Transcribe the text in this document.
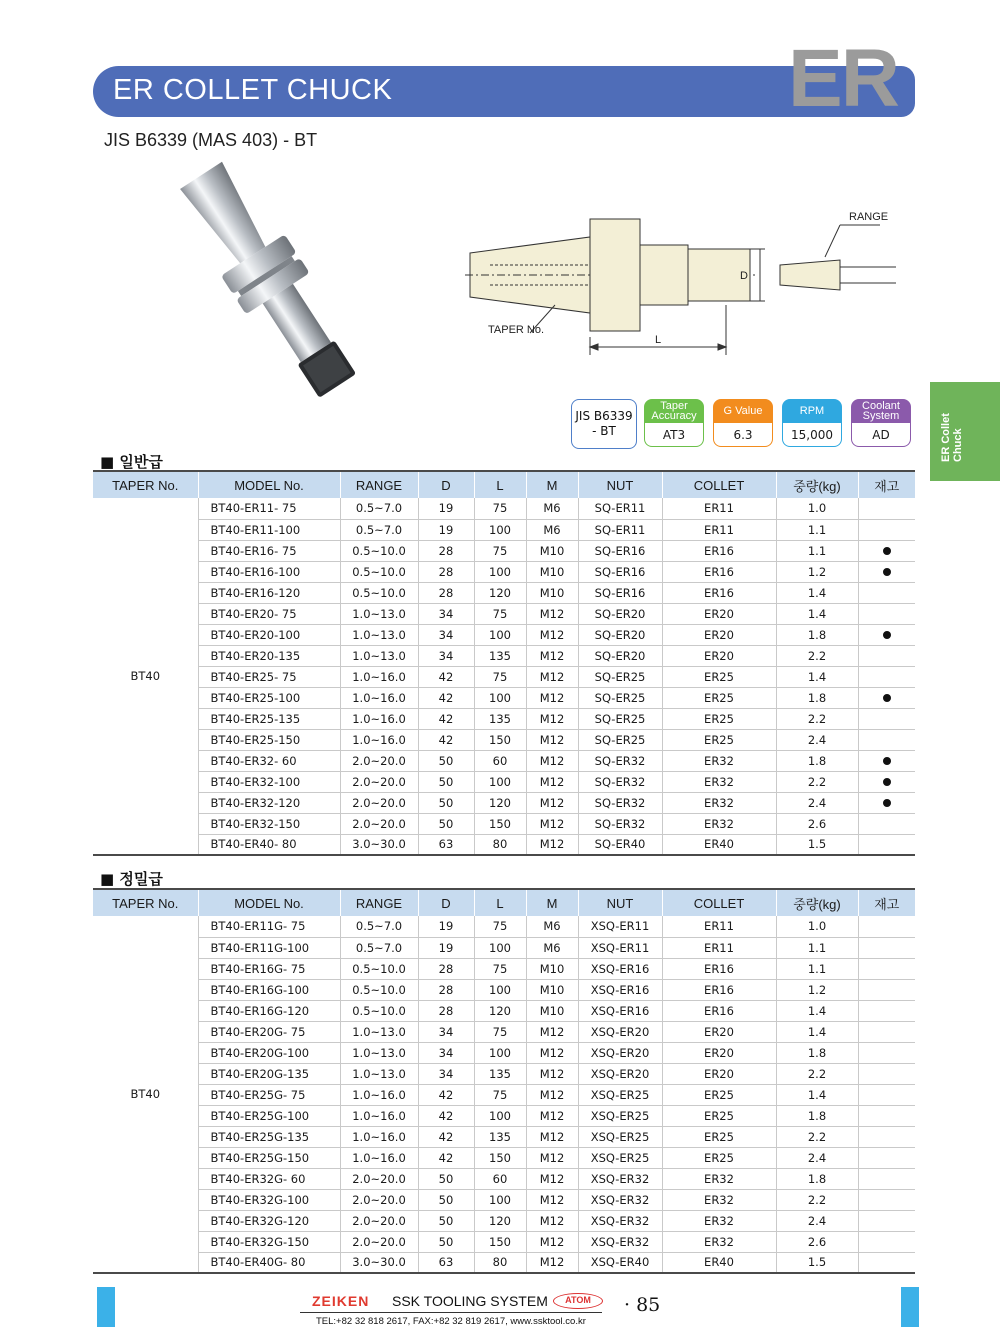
ER COLLET CHUCK	ER
JIS B6339 (MAS 403) - BT
ER Collet Chuck
RANGE
TAPER No.
L
D
JIS B6339
- BT
Taper Accuracy
AT3
G Value
6.3
RPM
15,000
Coolant System
AD
■ 일반급
■ 정밀급
TAPER No.	MODEL No.	RANGE	D	L	M	NUT	COLLET	중량(kg)	재고
BT40	BT40-ER11- 75	0.5~7.0	19	75	M6	SQ-ER11	ER11	1.0	
	BT40-ER11-100	0.5~7.0	19	100	M6	SQ-ER11	ER11	1.1	
	BT40-ER16- 75	0.5~10.0	28	75	M10	SQ-ER16	ER16	1.1	
	BT40-ER16-100	0.5~10.0	28	100	M10	SQ-ER16	ER16	1.2	
	BT40-ER16-120	0.5~10.0	28	120	M10	SQ-ER16	ER16	1.4	
	BT40-ER20- 75	1.0~13.0	34	75	M12	SQ-ER20	ER20	1.4	
	BT40-ER20-100	1.0~13.0	34	100	M12	SQ-ER20	ER20	1.8	
	BT40-ER20-135	1.0~13.0	34	135	M12	SQ-ER20	ER20	2.2	
	BT40-ER25- 75	1.0~16.0	42	75	M12	SQ-ER25	ER25	1.4	
	BT40-ER25-100	1.0~16.0	42	100	M12	SQ-ER25	ER25	1.8	
	BT40-ER25-135	1.0~16.0	42	135	M12	SQ-ER25	ER25	2.2	
	BT40-ER25-150	1.0~16.0	42	150	M12	SQ-ER25	ER25	2.4	
	BT40-ER32- 60	2.0~20.0	50	60	M12	SQ-ER32	ER32	1.8	
	BT40-ER32-100	2.0~20.0	50	100	M12	SQ-ER32	ER32	2.2	
	BT40-ER32-120	2.0~20.0	50	120	M12	SQ-ER32	ER32	2.4	
	BT40-ER32-150	2.0~20.0	50	150	M12	SQ-ER32	ER32	2.6	
	BT40-ER40- 80	3.0~30.0	63	80	M12	SQ-ER40	ER40	1.5	
TAPER No.	MODEL No.	RANGE	D	L	M	NUT	COLLET	중량(kg)	재고
BT40	BT40-ER11G- 75	0.5~7.0	19	75	M6	XSQ-ER11	ER11	1.0	
	BT40-ER11G-100	0.5~7.0	19	100	M6	XSQ-ER11	ER11	1.1	
	BT40-ER16G- 75	0.5~10.0	28	75	M10	XSQ-ER16	ER16	1.1	
	BT40-ER16G-100	0.5~10.0	28	100	M10	XSQ-ER16	ER16	1.2	
	BT40-ER16G-120	0.5~10.0	28	120	M10	XSQ-ER16	ER16	1.4	
	BT40-ER20G- 75	1.0~13.0	34	75	M12	XSQ-ER20	ER20	1.4	
	BT40-ER20G-100	1.0~13.0	34	100	M12	XSQ-ER20	ER20	1.8	
	BT40-ER20G-135	1.0~13.0	34	135	M12	XSQ-ER20	ER20	2.2	
	BT40-ER25G- 75	1.0~16.0	42	75	M12	XSQ-ER25	ER25	1.4	
	BT40-ER25G-100	1.0~16.0	42	100	M12	XSQ-ER25	ER25	1.8	
	BT40-ER25G-135	1.0~16.0	42	135	M12	XSQ-ER25	ER25	2.2	
	BT40-ER25G-150	1.0~16.0	42	150	M12	XSQ-ER25	ER25	2.4	
	BT40-ER32G- 60	2.0~20.0	50	60	M12	XSQ-ER32	ER32	1.8	
	BT40-ER32G-100	2.0~20.0	50	100	M12	XSQ-ER32	ER32	2.2	
	BT40-ER32G-120	2.0~20.0	50	120	M12	XSQ-ER32	ER32	2.4	
	BT40-ER32G-150	2.0~20.0	50	150	M12	XSQ-ER32	ER32	2.6	
	BT40-ER40G- 80	3.0~30.0	63	80	M12	XSQ-ER40	ER40	1.5	
ZEIKEN SSK TOOLING SYSTEM	ATOM	· 85
TEL:+82 32 818 2617, FAX:+82 32 819 2617, www.ssktool.co.kr
